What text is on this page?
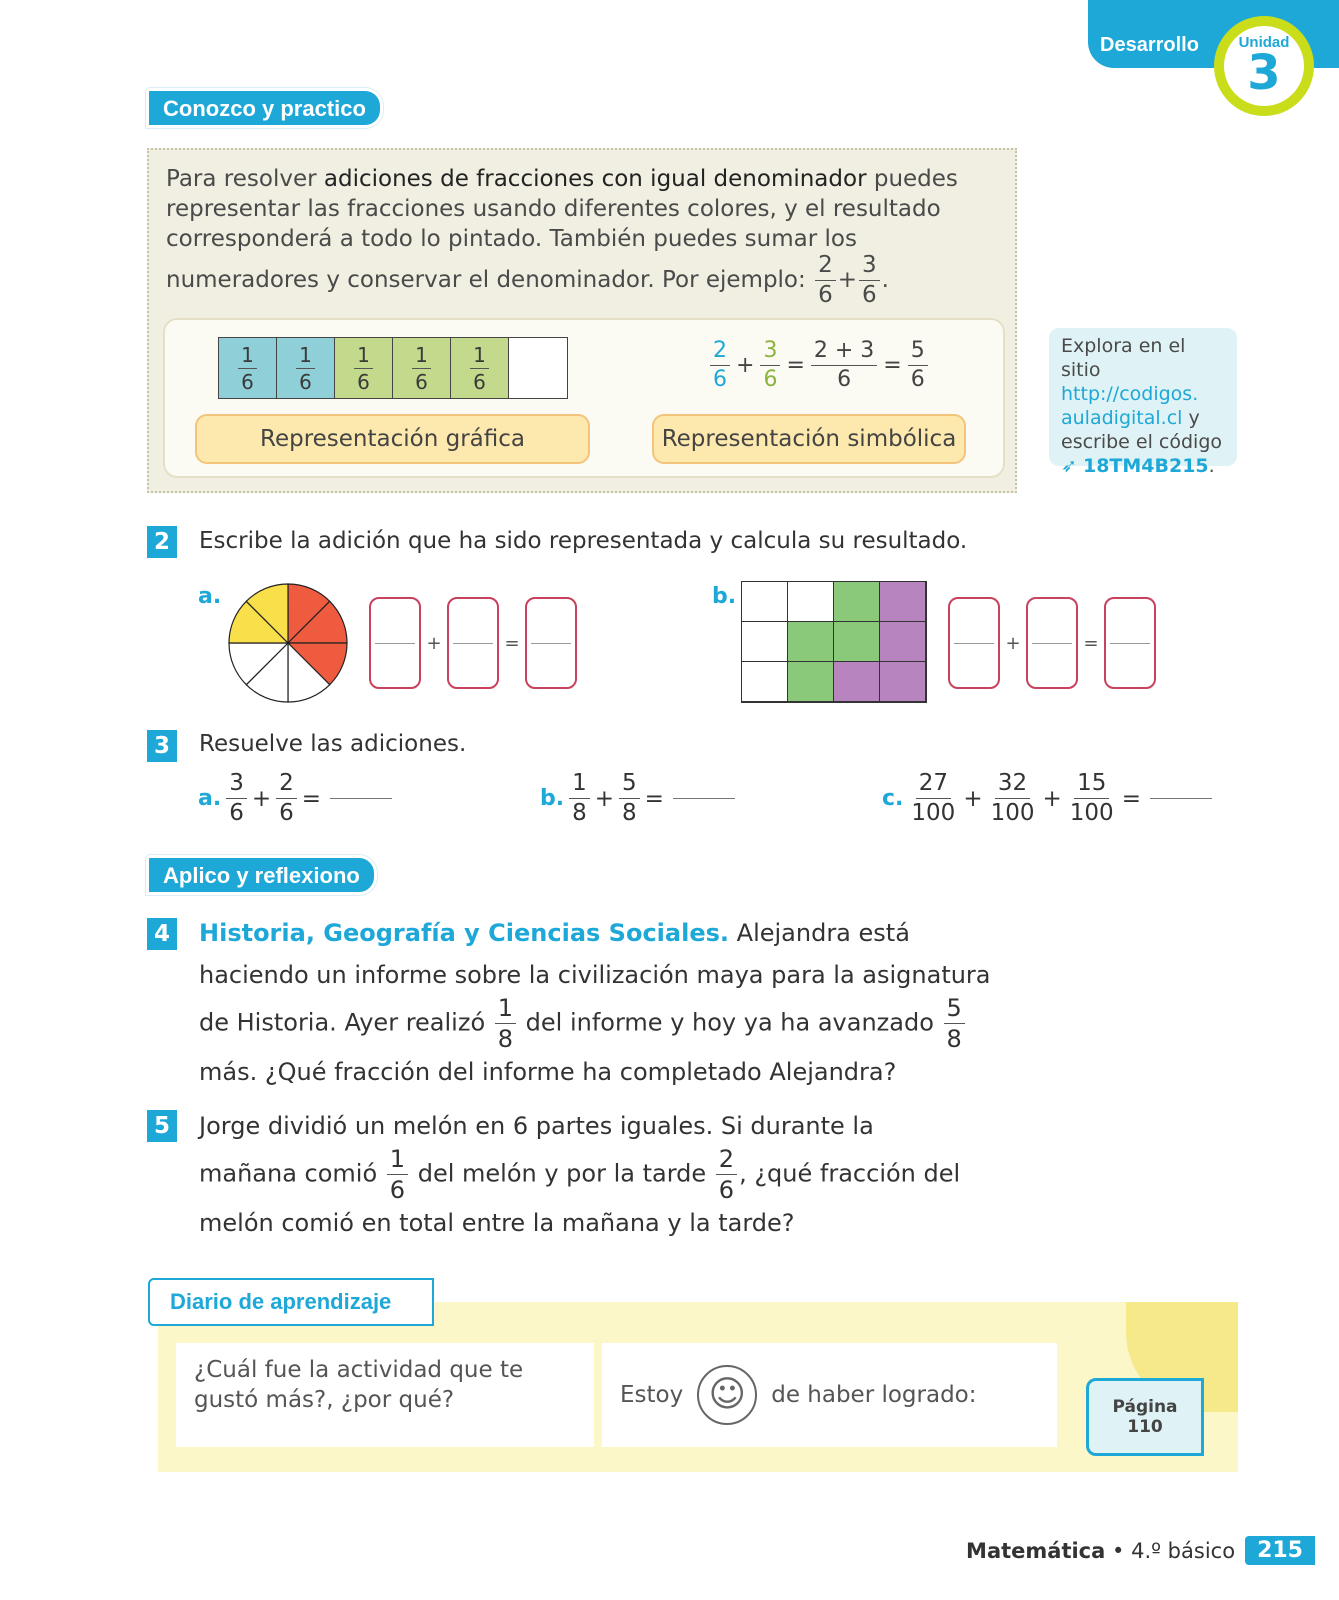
Desarrollo	Unidad
3
Conozco y practico
Para resolver adiciones de fracciones con igual denominador puedes representar las fracciones usando diferentes colores, y el resultado corresponderá a todo lo pintado. También puedes sumar los numeradores y conservar el denominador. Por ejemplo: $\frac{2}{6} + \frac{3}{6}$ .
1
6
1
6
1
6
1
6
1
6
2
6
+ $\frac{3}{6} = \frac{2 + 3}{6} = \frac{5}{6}$
Representación gráfica	Representación simbólica
Explora en el sitio
http://codigos.
auladigital.cl y
escribe el código
➶ 18TM4B215.
2	Escribe la adición que ha sido representada y calcula su resultado.
a.
+	=
b.
+	=
3	Resuelve las adiciones.
a.
3
6
+ $\frac{2}{6}$ =	b.
1
8
+ $\frac{5}{8}$ =	c.
27
100
+ $\frac{32}{100} + \frac{15}{100}$ =
Aplico y reflexiono
4 Historia, Geografía y Ciencias Sociales. Alejandra está haciendo un informe sobre la civilización maya para la asignatura de Historia. Ayer realizó $\frac{1}{8}$ del informe y hoy ya ha avanzado $\frac{5}{8}$
más. ¿Qué fracción del informe ha completado Alejandra?
5 Jorge dividió un melón en 6 partes iguales. Si durante la mañana comió $\frac{1}{6}$ del melón y por la tarde $\frac{2}{6}$ , ¿qué fracción del melón comió en total entre la mañana y la tarde?
Diario de aprendizaje
¿Cuál fue la actividad que te gustó más?, ¿por qué?	Estoy ☺	de haber logrado:	Página
110
Matemática
•
4.º básico	215
